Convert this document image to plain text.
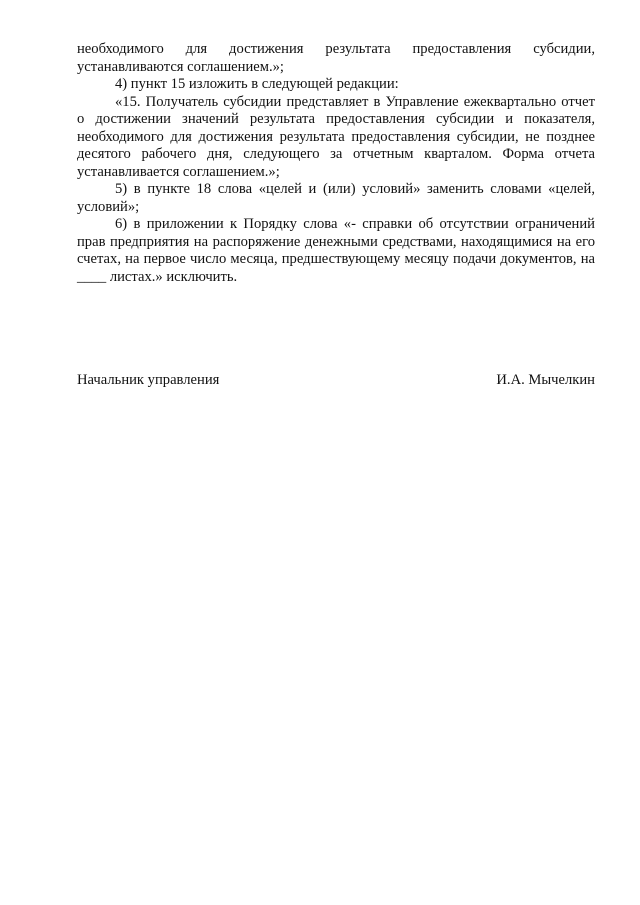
необходимого для достижения результата предоставления субсидии, устанавливаются соглашением.»;

4) пункт 15 изложить в следующей редакции:

«15. Получатель субсидии представляет в Управление ежеквартально отчет о достижении значений результата предоставления субсидии и показателя, необходимого для достижения результата предоставления субсидии, не позднее десятого рабочего дня, следующего за отчетным кварталом. Форма отчета устанавливается соглашением.»;

5) в пункте 18 слова «целей и (или) условий» заменить словами «целей, условий»;

6) в приложении к Порядку слова «- справки об отсутствии ограничений прав предприятия на распоряжение денежными средствами, находящимися на его счетах, на первое число месяца, предшествующему месяцу подачи документов, на ____ листах.» исключить.

Начальник управления	И.А. Мычелкин
